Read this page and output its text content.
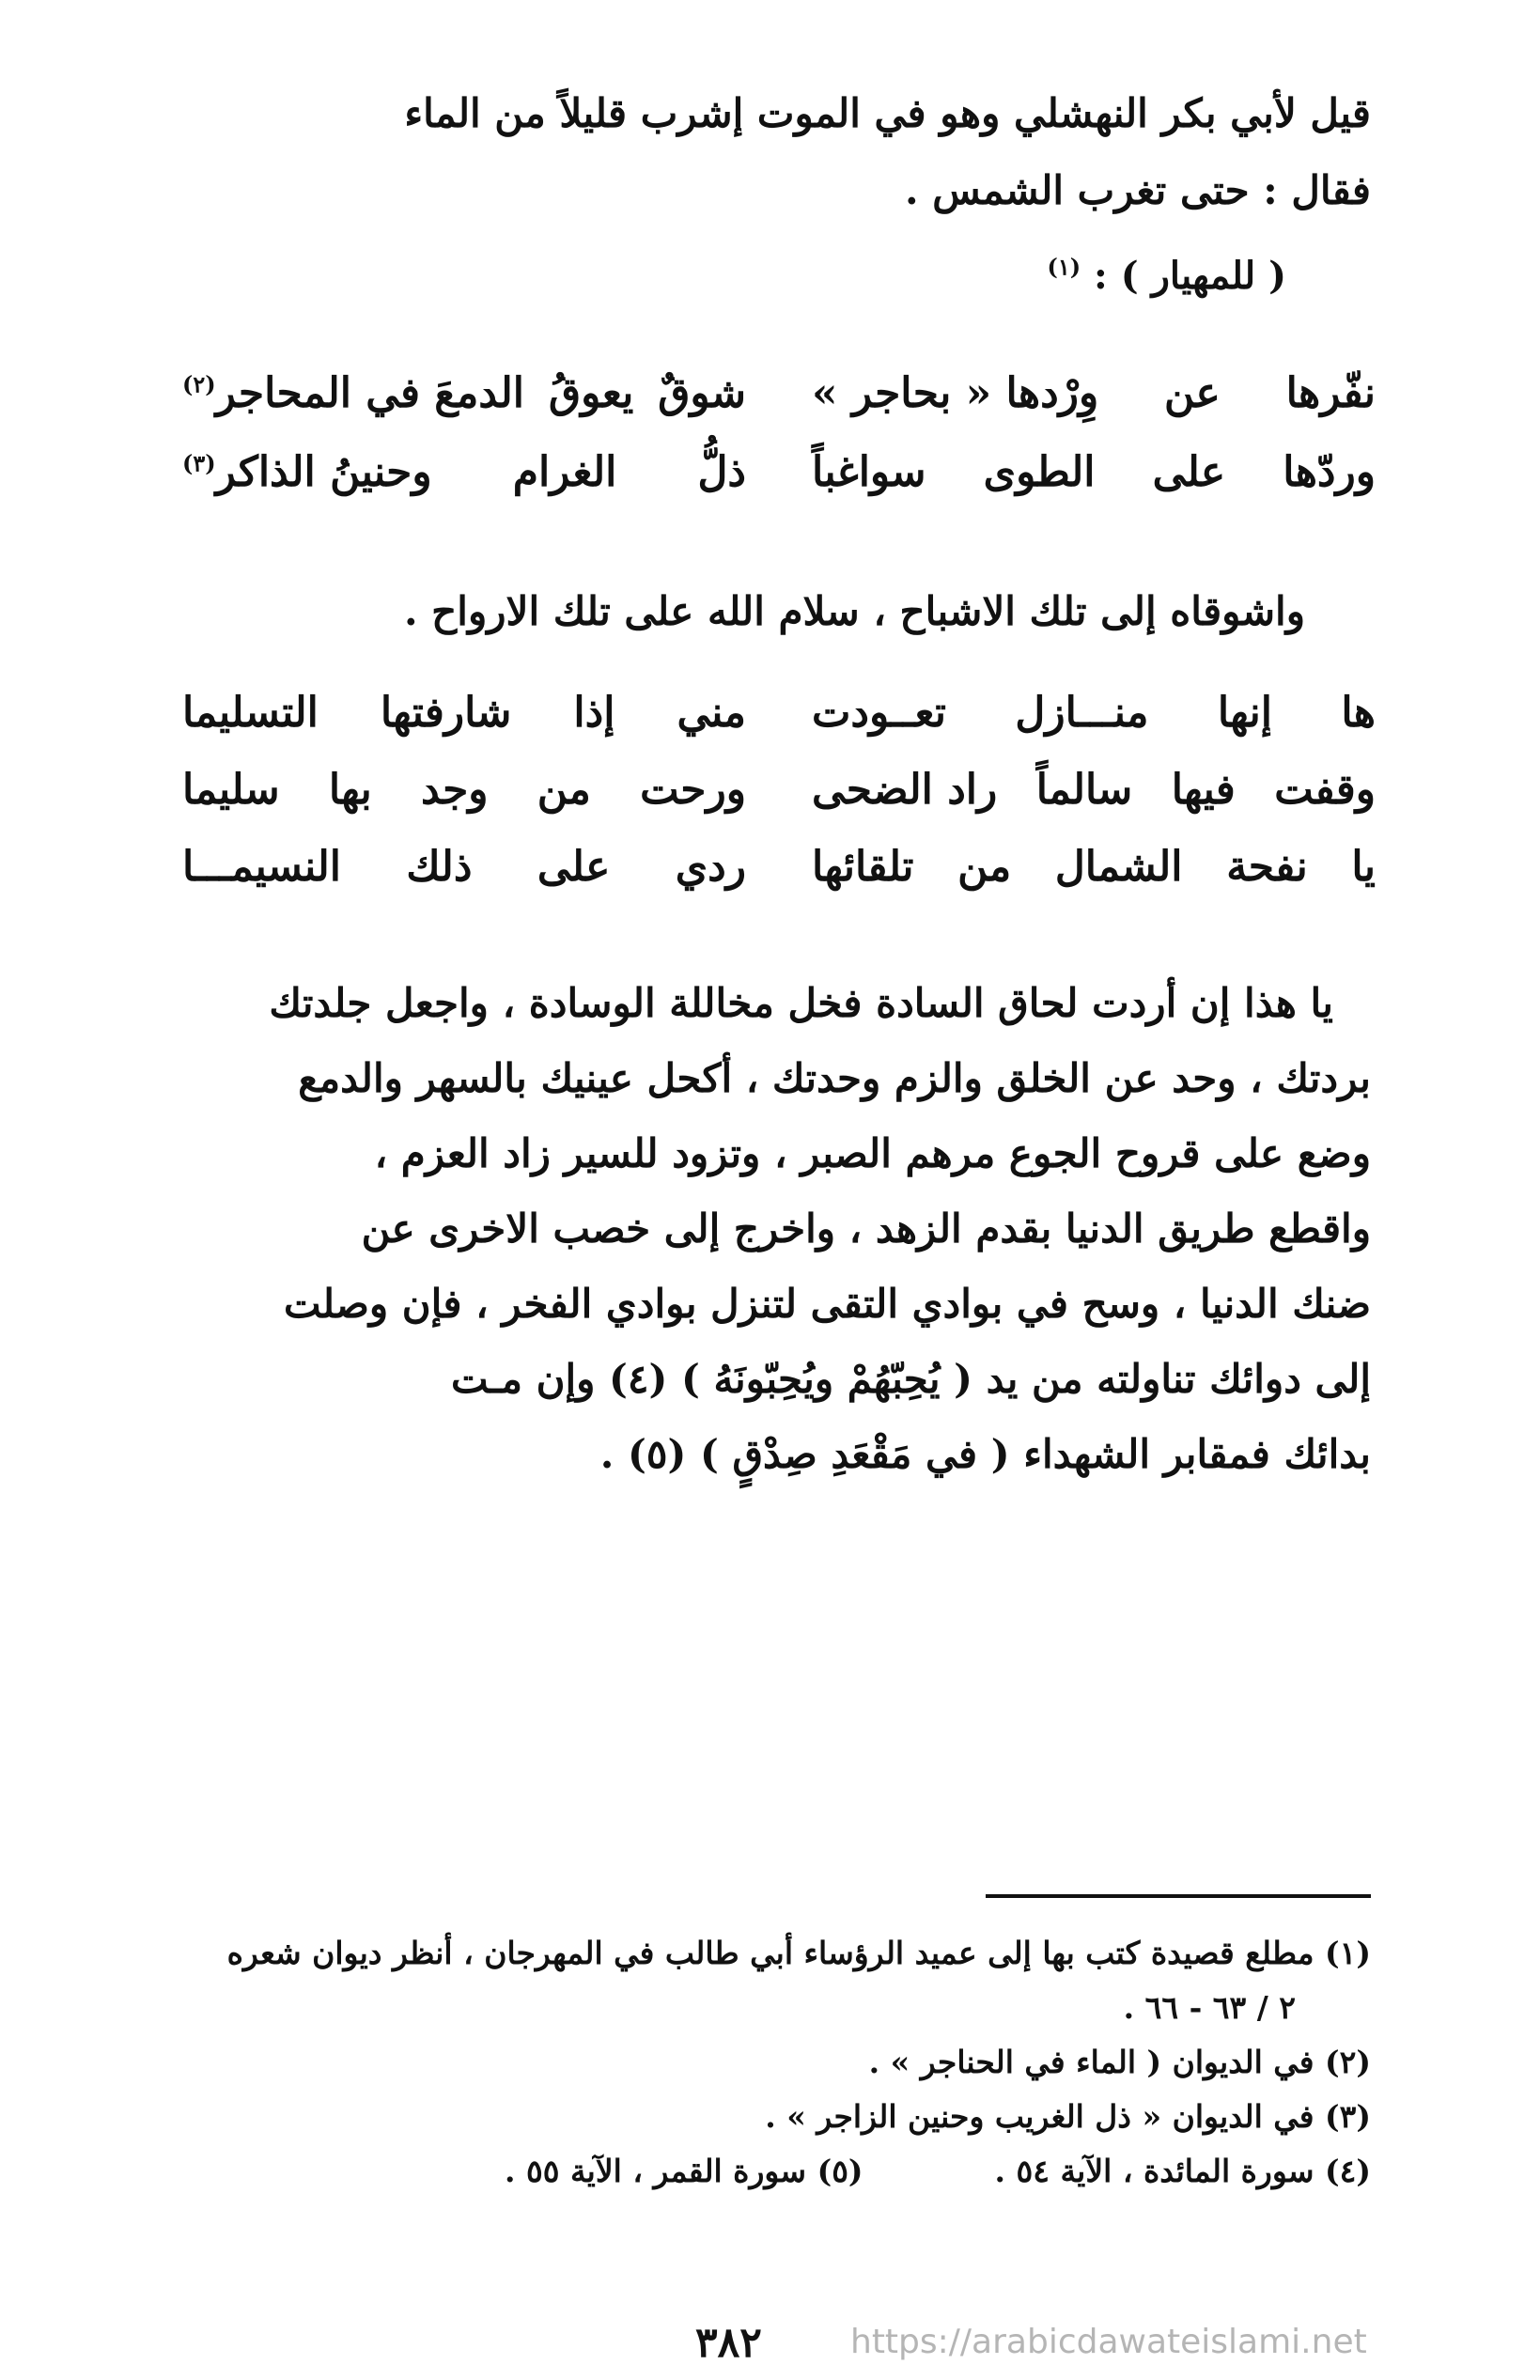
قيل لأبي بكر النهشلي وهو في الموت إشرب قليلاً من الماء
فقال : حتى تغرب الشمس .
( للمهيار ) : $^{(١)}$
نفّرها
عن
وِرْدها « بحاجر »
شوقٌ
يعوقُ
الدمعَ في المحاجر$^{(٢)}$
وردّها
على
الطوى
سواغباً
ذلُّ
الغرام
وحنينُ الذاكر$^{(٣)}$
واشوقاه إلى تلك الاشباح ، سلام الله على تلك الارواح .
ها
إنها
منـــازل
تعــودت
مني
إذا
شارفتها
التسليما
وقفت
فيها
سالماً
راد الضحى
ورحت
من
وجد
بها
سليما
يا
نفحة
الشمال
من
تلقائها
ردي
على
ذلك
النسيمـــا
يا هذا إن أردت لحاق السادة فخل مخاللة الوسادة ، واجعل جلدتك
بردتك ، وحد عن الخلق والزم وحدتك ، أكحل عينيك بالسهر والدمع
وضع على قروح الجوع مرهم الصبر ، وتزود للسير زاد العزم ،
واقطع طريق الدنيا بقدم الزهد ، واخرج إلى خصب الاخرى عن
ضنك الدنيا ، وسح في بوادي التقى لتنزل بوادي الفخر ، فإن وصلت
إلى دوائك تناولته من يد ( يُحِبّهُمْ ويُحِبّونَهُ ) (٤) وإن مـت
بدائك فمقابر الشهداء ( في مَقْعَدِ صِدْقٍ ) (٥) .
(١) مطلع قصيدة كتب بها إلى عميد الرؤساء أبي طالب في المهرجان ، أنظر ديوان شعره
٢ / ٦٣ - ٦٦ .
(٢) في الديوان ( الماء في الحناجر » .
(٣) في الديوان « ذل الغريب وحنين الزاجر » .
(٤) سورة المائدة ، الآية ٥٤ .
(٥) سورة القمر ، الآية ٥٥ .
٣٨٢	https://arabicdawateislami.net
